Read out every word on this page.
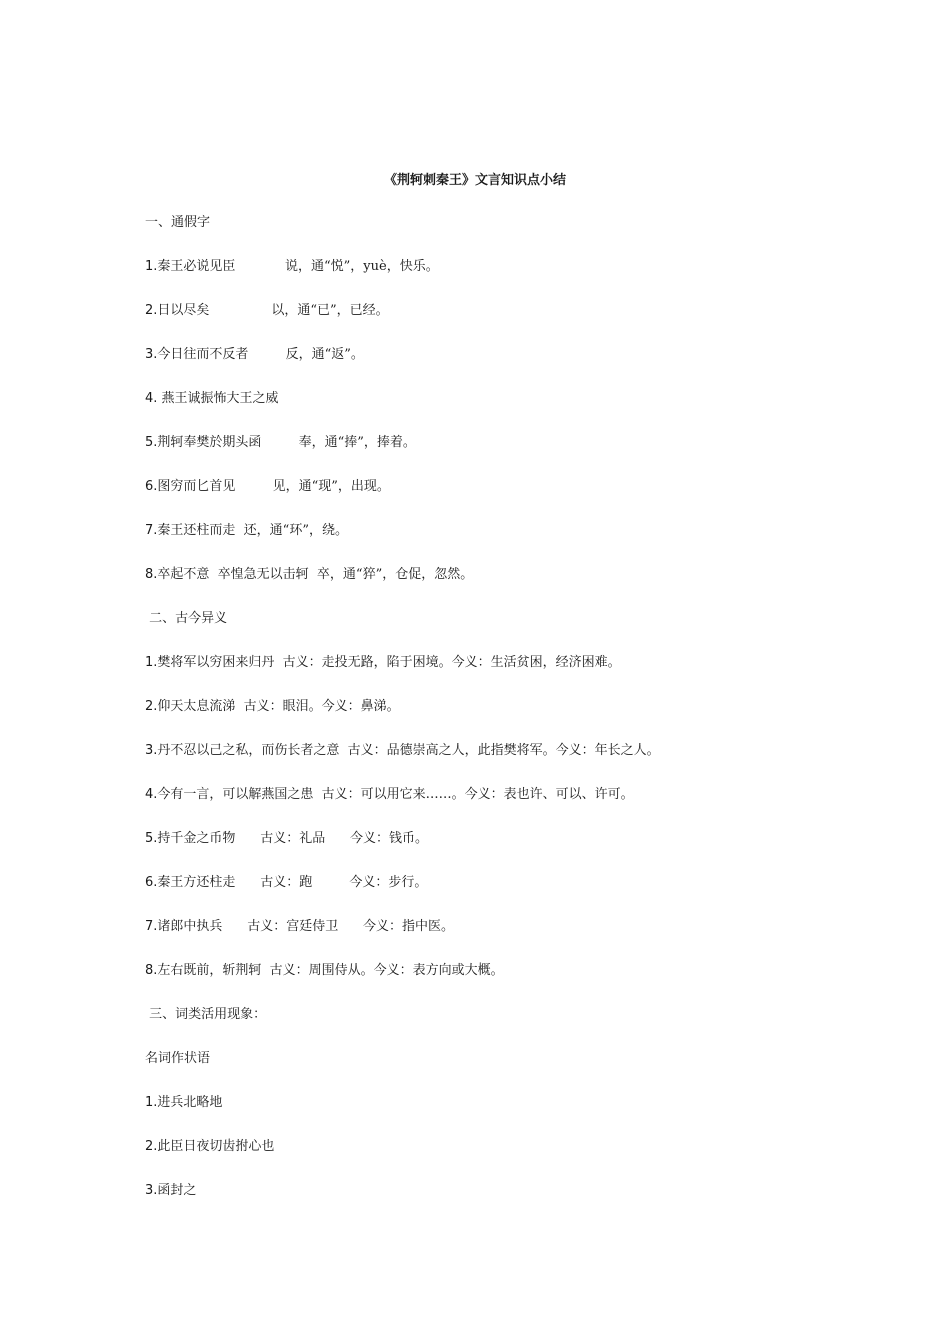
《荆轲刺秦王》文言知识点小结
一、通假字
1.秦王必说见臣            说，通“悦”，yuè，快乐。
2.日以尽矣               以，通“已”，已经。
3.今日往而不反者         反，通“返”。
4. 燕王诚振怖大王之威
5.荆轲奉樊於期头函         奉，通“捧”，捧着。
6.图穷而匕首见         见，通“现”，出现。
7.秦王还柱而走  还，通“环”，绕。
8.卒起不意  卒惶急无以击轲  卒，通“猝”，仓促，忽然。
二、古今异义
1.樊将军以穷困来归丹  古义：走投无路，陷于困境。今义：生活贫困，经济困难。
2.仰天太息流涕  古义：眼泪。今义：鼻涕。
3.丹不忍以己之私，而伤长者之意  古义：品德崇高之人，此指樊将军。今义：年长之人。
4.今有一言，可以解燕国之患  古义：可以用它来……。今义：表也许、可以、许可。
5.持千金之币物      古义：礼品      今义：钱币。
6.秦王方还柱走      古义：跑         今义：步行。
7.诸郎中执兵      古义：宫廷侍卫      今义：指中医。
8.左右既前，斩荆轲  古义：周围侍从。今义：表方向或大概。
三、词类活用现象：
名词作状语
1.进兵北略地
2.此臣日夜切齿拊心也
3.函封之
